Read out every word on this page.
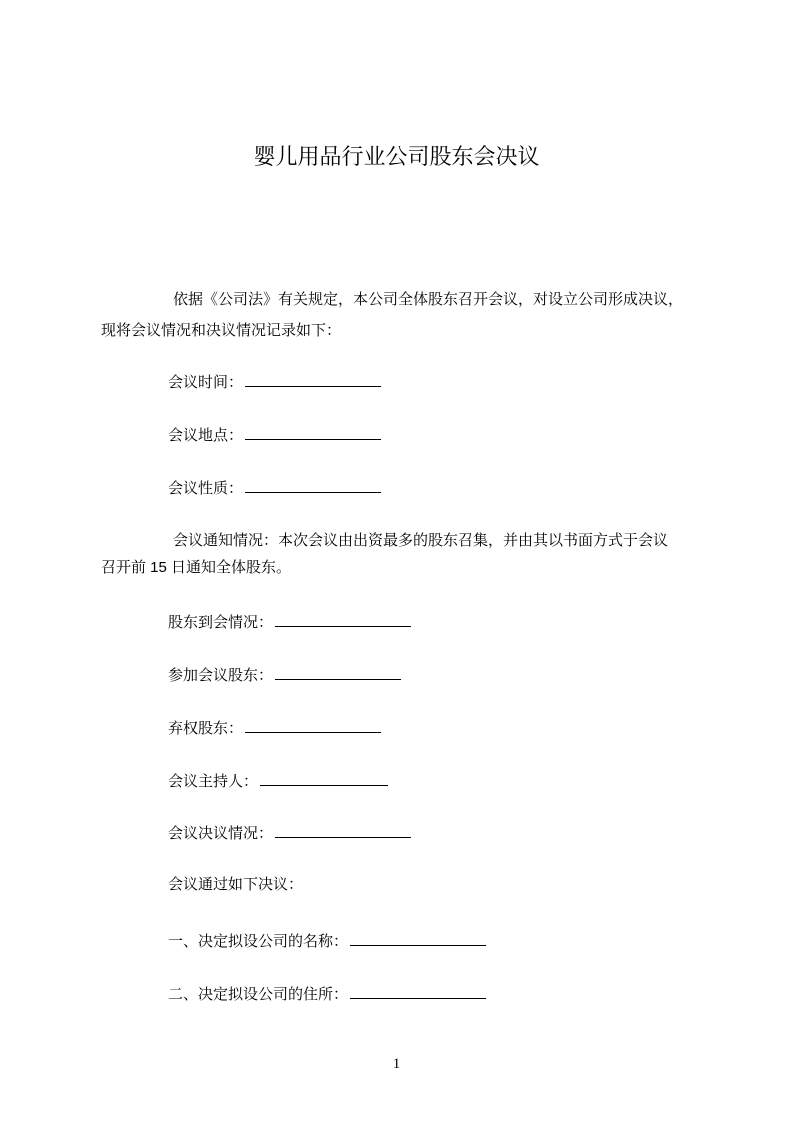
婴儿用品行业公司股东会决议
依据《公司法》有关规定，本公司全体股东召开会议，对设立公司形成决议，
现将会议情况和决议情况记录如下：
会议时间：
会议地点：
会议性质：
会议通知情况：本次会议由出资最多的股东召集，并由其以书面方式于会议
召开前 15 日通知全体股东。
股东到会情况：
参加会议股东：
弃权股东：
会议主持人：
会议决议情况：
会议通过如下决议：
一、决定拟设公司的名称：
二、决定拟设公司的住所：
1
